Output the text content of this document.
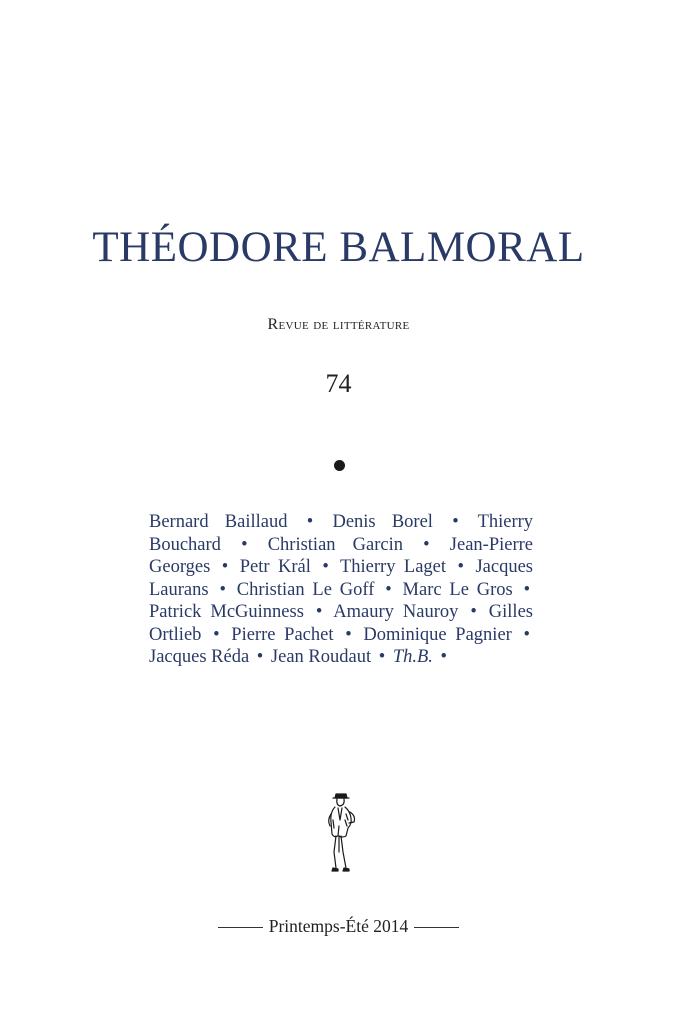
THÉODORE BALMORAL
Revue de littérature
74
Bernard Baillaud • Denis Borel • Thierry Bouchard • Christian Garcin • Jean-Pierre Georges • Petr Král • Thierry Laget • Jacques Laurans • Christian Le Goff • Marc Le Gros • Patrick McGuinness • Amaury Nauroy • Gilles Ortlieb • Pierre Pachet • Dominique Pagnier • Jacques Réda • Jean Roudaut • Th.B. •
Printemps-Été 2014
